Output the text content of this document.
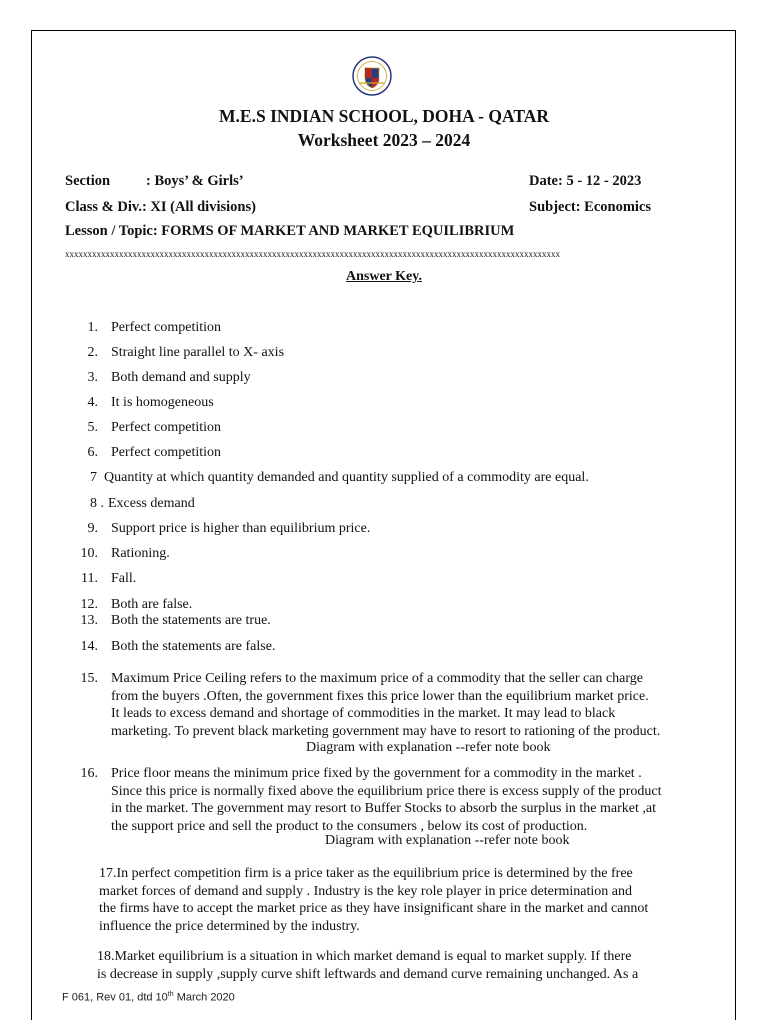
M.E.S INDIAN SCHOOL, DOHA - QATAR
Worksheet 2023 – 2024
Section : Boys’ & Girls’	Date: 5 - 12 - 2023
Class & Div.: XI (All divisions)	Subject: Economics
Lesson / Topic: FORMS OF MARKET AND MARKET EQUILIBRIUM
xxxxxxxxxxxxxxxxxxxxxxxxxxxxxxxxxxxxxxxxxxxxxxxxxxxxxxxxxxxxxxxxxxxxxxxxxxxxxxxxxxxxxxxxxxxxxxxxxxxxxxxxxxxxxx
Answer Key.
1. Perfect competition
2. Straight line parallel to X- axis
3. Both demand and supply
4. It is homogeneous
5. Perfect competition
6. Perfect competition
7 Quantity at which quantity demanded and quantity supplied of a commodity are equal.
8 . Excess demand
9. Support price is higher than equilibrium price.
10. Rationing.
11. Fall.
12. Both are false.
13. Both the statements are true.
14. Both the statements are false.
15. Maximum Price Ceiling refers to the maximum price of a commodity that the seller can charge
from the buyers .Often, the government fixes this price lower than the equilibrium market price.
It leads to excess demand and shortage of commodities in the market. It may lead to black
marketing. To prevent black marketing government may have to resort to rationing of the product.
Diagram with explanation --refer note book
16. Price floor means the minimum price fixed by the government for a commodity in the market .
Since this price is normally fixed above the equilibrium price there is excess supply of the product
in the market. The government may resort to Buffer Stocks to absorb the surplus in the market ,at
the support price and sell the product to the consumers , below its cost of production.
Diagram with explanation --refer note book
17.In perfect competition firm is a price taker as the equilibrium price is determined by the free
market forces of demand and supply . Industry is the key role player in price determination and
the firms have to accept the market price as they have insignificant share in the market and cannot
influence the price determined by the industry.
18.Market equilibrium is a situation in which market demand is equal to market supply. If there
is decrease in supply ,supply curve shift leftwards and demand curve remaining unchanged. As a
F 061, Rev 01, dtd 10th March 2020
